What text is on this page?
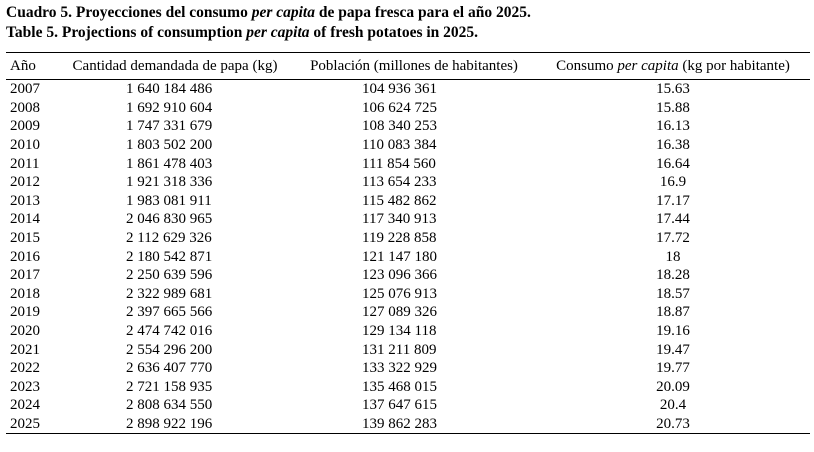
Cuadro 5. Proyecciones del consumo per capita de papa fresca para el año 2025.
Table 5. Projections of consumption per capita of fresh potatoes in 2025.
Año	Cantidad demandada de papa (kg)	Población (millones de habitantes)	Consumo per capita (kg por habitante)
2007	1 640 184 486	104 936 361	15.63
2008	1 692 910 604	106 624 725	15.88
2009	1 747 331 679	108 340 253	16.13
2010	1 803 502 200	110 083 384	16.38
2011	1 861 478 403	111 854 560	16.64
2012	1 921 318 336	113 654 233	16.9
2013	1 983 081 911	115 482 862	17.17
2014	2 046 830 965	117 340 913	17.44
2015	2 112 629 326	119 228 858	17.72
2016	2 180 542 871	121 147 180	18
2017	2 250 639 596	123 096 366	18.28
2018	2 322 989 681	125 076 913	18.57
2019	2 397 665 566	127 089 326	18.87
2020	2 474 742 016	129 134 118	19.16
2021	2 554 296 200	131 211 809	19.47
2022	2 636 407 770	133 322 929	19.77
2023	2 721 158 935	135 468 015	20.09
2024	2 808 634 550	137 647 615	20.4
2025	2 898 922 196	139 862 283	20.73
